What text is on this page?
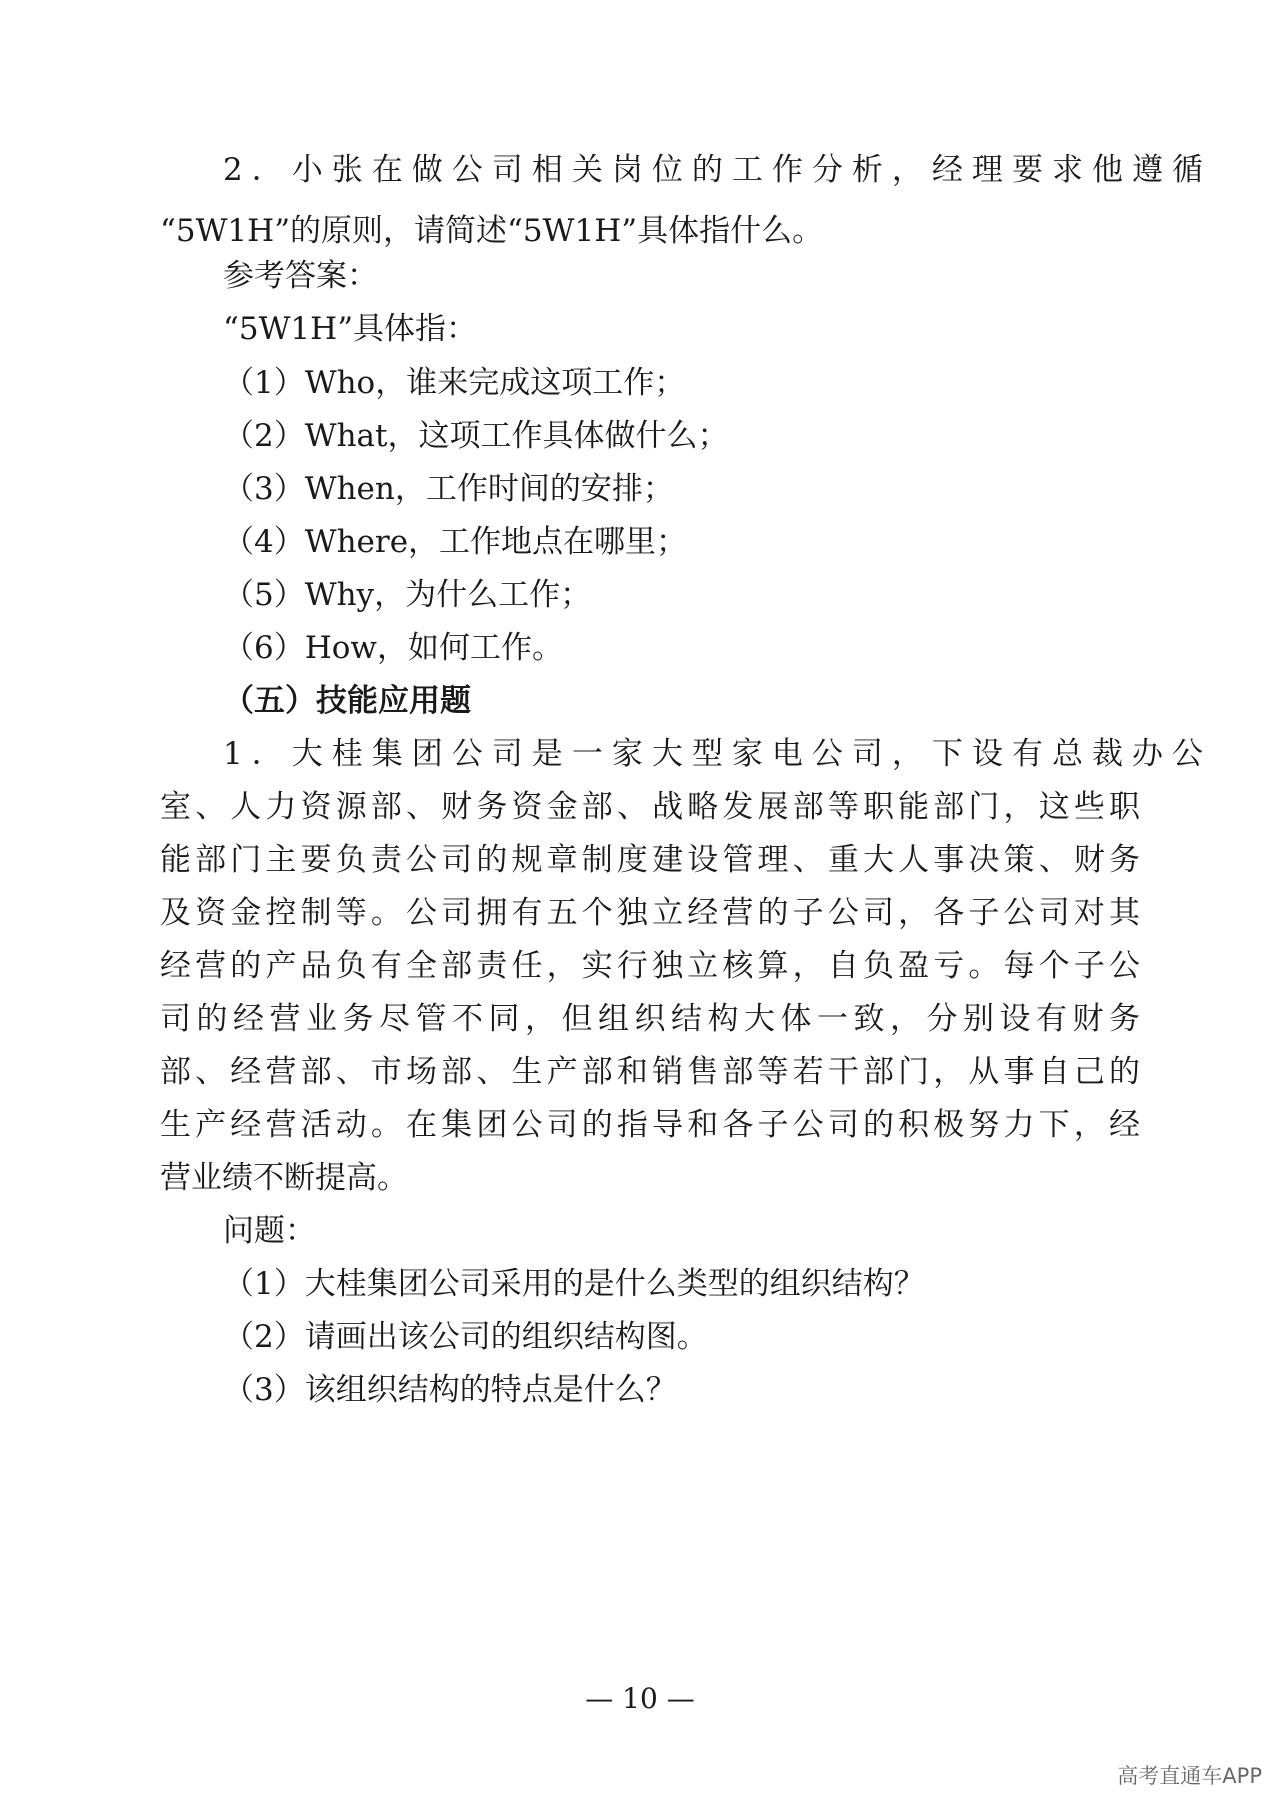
2．小张在做公司相关岗位的工作分析，经理要求他遵循
“5W1H”的原则，请简述“5W1H”具体指什么。
参考答案：
“5W1H”具体指：
（1）Who，谁来完成这项工作；
（2）What，这项工作具体做什么；
（3）When，工作时间的安排；
（4）Where，工作地点在哪里；
（5）Why，为什么工作；
（6）How，如何工作。
（五）技能应用题
1．大桂集团公司是一家大型家电公司，下设有总裁办公
室、人力资源部、财务资金部、战略发展部等职能部门，这些职
能部门主要负责公司的规章制度建设管理、重大人事决策、财务
及资金控制等。公司拥有五个独立经营的子公司，各子公司对其
经营的产品负有全部责任，实行独立核算，自负盈亏。每个子公
司的经营业务尽管不同，但组织结构大体一致，分别设有财务
部、经营部、市场部、生产部和销售部等若干部门，从事自己的
生产经营活动。在集团公司的指导和各子公司的积极努力下，经
营业绩不断提高。
问题：
（1）大桂集团公司采用的是什么类型的组织结构？
（2）请画出该公司的组织结构图。
（3）该组织结构的特点是什么？
— 10 —
高考直通车APP
